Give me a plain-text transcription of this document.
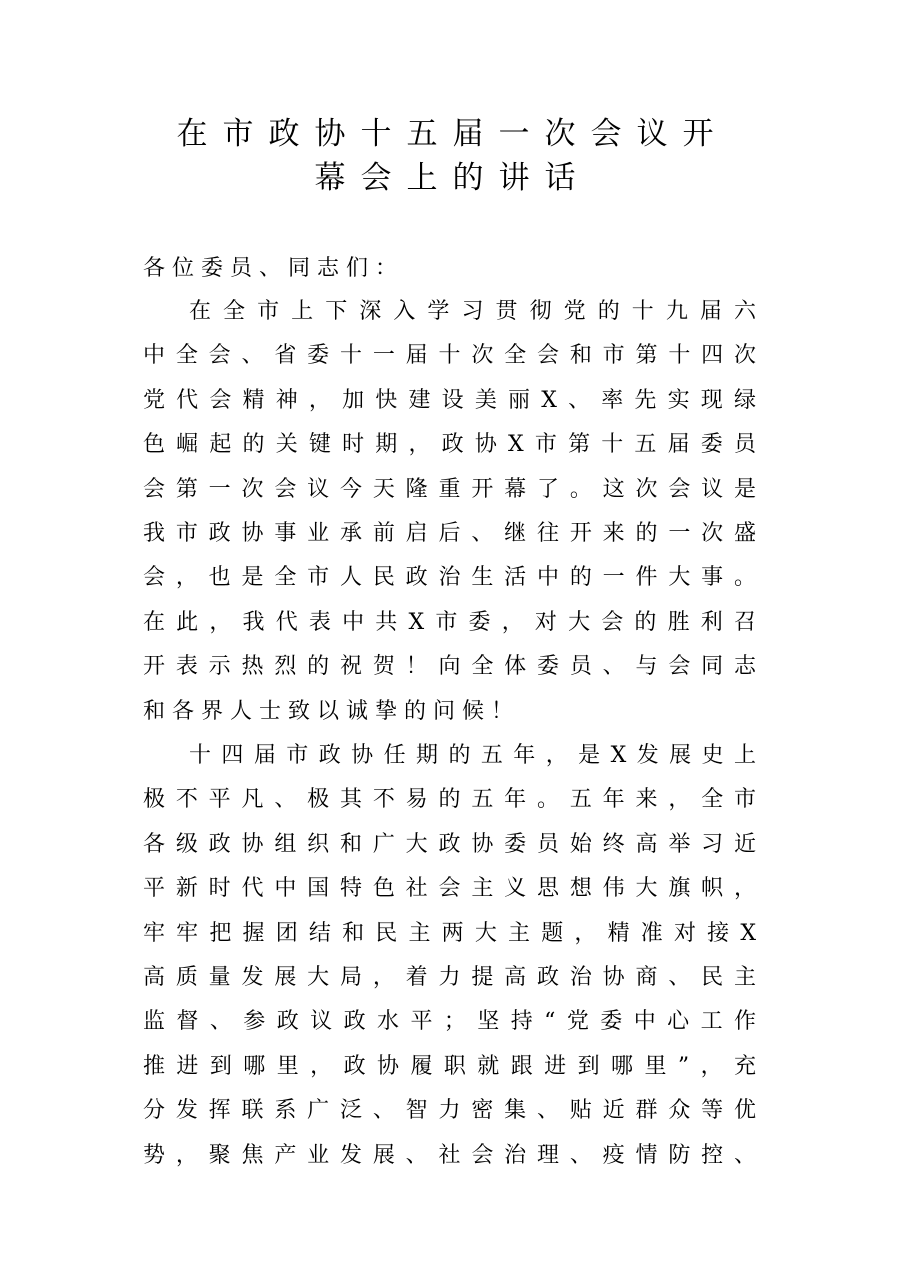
在市政协十五届一次会议开
幕会上的讲话
各位委员、同志们：
在全市上下深入学习贯彻党的十九届六
中全会、省委十一届十次全会和市第十四次
党代会精神，加快建设美丽X、率先实现绿
色崛起的关键时期，政协X市第十五届委员
会第一次会议今天隆重开幕了。这次会议是
我市政协事业承前启后、继往开来的一次盛
会，也是全市人民政治生活中的一件大事。
在此，我代表中共X市委，对大会的胜利召
开表示热烈的祝贺！向全体委员、与会同志
和各界人士致以诚挚的问候！
十四届市政协任期的五年，是X发展史上
极不平凡、极其不易的五年。五年来，全市
各级政协组织和广大政协委员始终高举习近
平新时代中国特色社会主义思想伟大旗帜，
牢牢把握团结和民主两大主题，精准对接X
高质量发展大局，着力提高政治协商、民主
监督、参政议政水平；坚持“党委中心工作
推进到哪里，政协履职就跟进到哪里”，充
分发挥联系广泛、智力密集、贴近群众等优
势，聚焦产业发展、社会治理、疫情防控、
